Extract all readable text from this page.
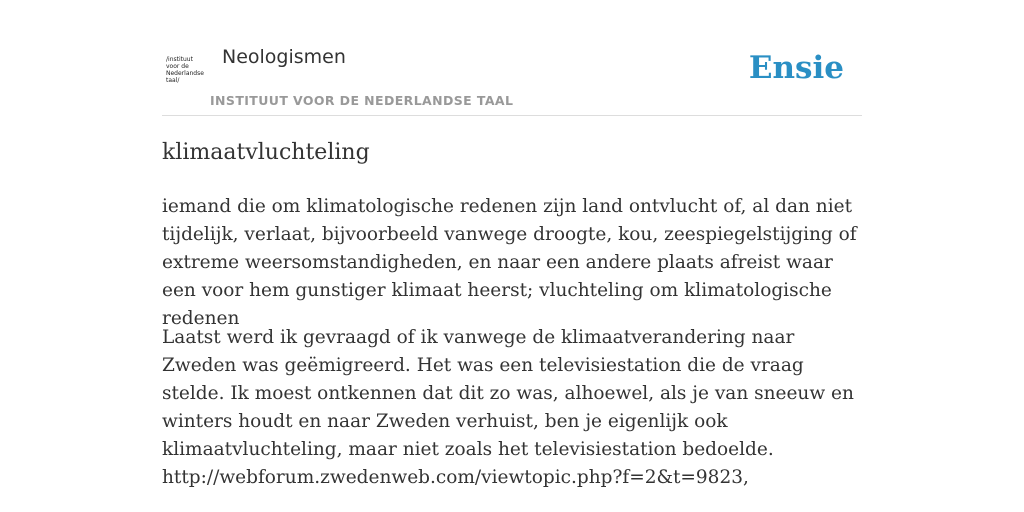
/instituut
voor de
Nederlandse
taal/
Neologismen
INSTITUUT VOOR DE NEDERLANDSE TAAL
Ensie
klimaatvluchteling

iemand die om klimatologische redenen zijn land ontvlucht of, al dan niet tijdelijk, verlaat, bijvoorbeeld vanwege droogte, kou, zeespiegelstijging of extreme weersomstandigheden, en naar een andere plaats afreist waar een voor hem gunstiger klimaat heerst; vluchteling om klimatologische redenen

Laatst werd ik gevraagd of ik vanwege de klimaatverandering naar Zweden was geëmigreerd. Het was een televisiestation die de vraag stelde. Ik moest ontkennen dat dit zo was, alhoewel, als je van sneeuw en winters houdt en naar Zweden verhuist, ben je eigenlijk ook klimaatvluchteling, maar niet zoals het televisiestation bedoelde.
http://webforum.zwedenweb.com/viewtopic.php?f=2&t=9823,
